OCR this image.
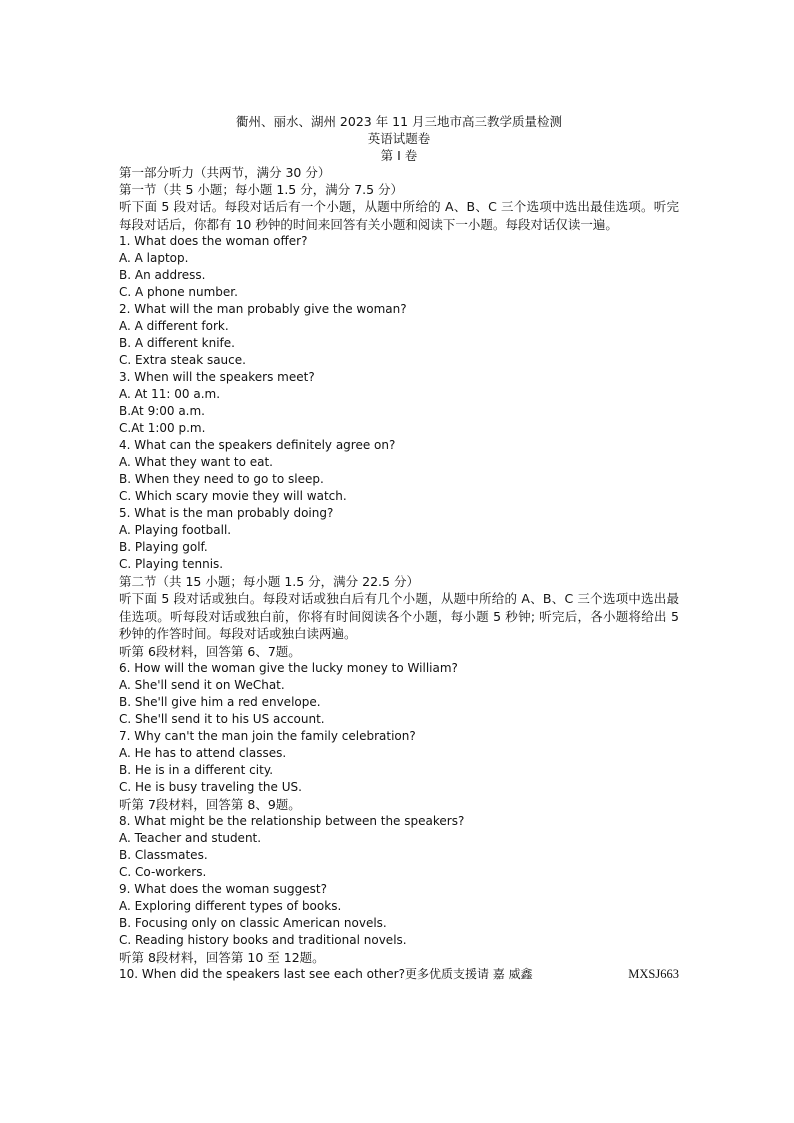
衢州、丽水、湖州 2023 年 11 月三地市高三教学质量检测
英语试题卷
第 I 卷
第一部分听力（共两节，满分 30 分）
第一节（共 5 小题；每小题 1.5 分，满分 7.5 分）
听下面 5 段对话。每段对话后有一个小题，从题中所给的 A、B、C 三个选项中选出最佳选项。听完每段对话后，你都有 10 秒钟的时间来回答有关小题和阅读下一小题。每段对话仅读一遍。
1. What does the woman offer?
A. A laptop.
B. An address.
C. A phone number.
2. What will the man probably give the woman?
A. A different fork.
B. A different knife.
C. Extra steak sauce.
3. When will the speakers meet?
A. At 11: 00 a.m.
B.At 9:00 a.m.
C.At 1:00 p.m.
4. What can the speakers definitely agree on?
A. What they want to eat.
B. When they need to go to sleep.
C. Which scary movie they will watch.
5. What is the man probably doing?
A. Playing football.
B. Playing golf.
C. Playing tennis.
第二节（共 15 小题；每小题 1.5 分，满分 22.5 分）
听下面 5 段对话或独白。每段对话或独白后有几个小题，从题中所给的 A、B、C 三个选项中选出最佳选项。听每段对话或独白前，你将有时间阅读各个小题，每小题 5 秒钟; 听完后，各小题将给出 5 秒钟的作答时间。每段对话或独白读两遍。
听第 6段材料，回答第 6、7题。
6. How will the woman give the lucky money to William?
A. She'll send it on WeChat.
B. She'll give him a red envelope.
C. She'll send it to his US account.
7. Why can't the man join the family celebration?
A. He has to attend classes.
B. He is in a different city.
C. He is busy traveling the US.
听第 7段材料，回答第 8、9题。
8. What might be the relationship between the speakers?
A. Teacher and student.
B. Classmates.
C. Co-workers.
9. What does the woman suggest?
A. Exploring different types of books.
B. Focusing only on classic American novels.
C. Reading history books and traditional novels.
听第 8段材料，回答第 10 至 12题。
10. When did the speakers last see each other?更多优质支援请 嘉 威鑫	MXSJ663
